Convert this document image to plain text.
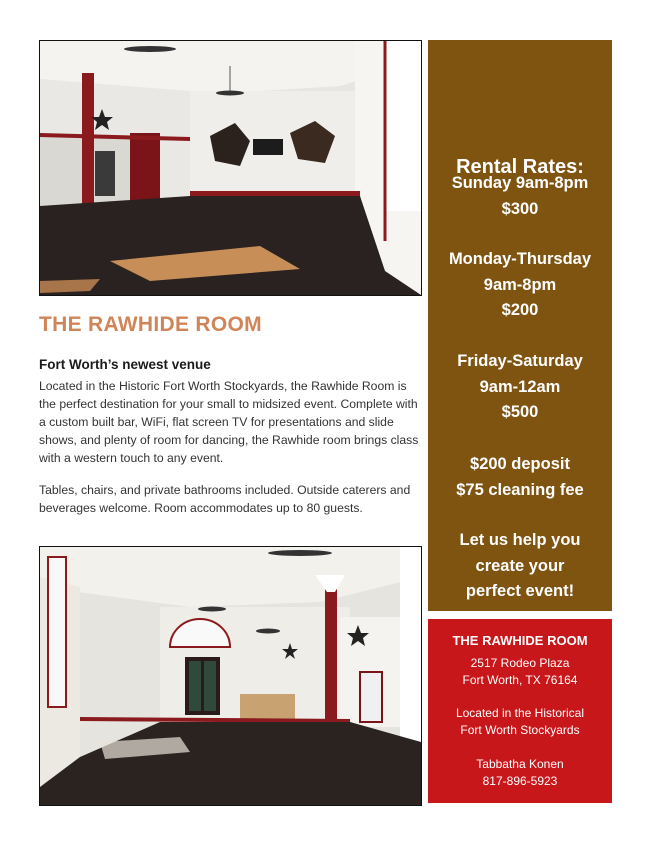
THE RAWHIDE ROOM
Fort Worth’s newest venue

Located in the Historic Fort Worth Stockyards, the Rawhide Room is the perfect destination for your small to midsized event. Complete with a custom built bar, WiFi, flat screen TV for presentations and slide shows, and plenty of room for dancing, the Rawhide room brings class with a western touch to any event.

Tables, chairs, and private bathrooms included. Outside caterers and beverages welcome. Room accommodates up to 80 guests.

Rental Rates:
Sunday 9am-8pm
$300
Monday-Thursday
9am-8pm
$200
Friday-Saturday
9am-12am
$500
$200 deposit
$75 cleaning fee
Let us help you
create your
perfect event!
THE RAWHIDE ROOM
2517 Rodeo Plaza
Fort Worth, TX 76164
Located in the Historical
Fort Worth Stockyards
Tabbatha Konen
817-896-5923
